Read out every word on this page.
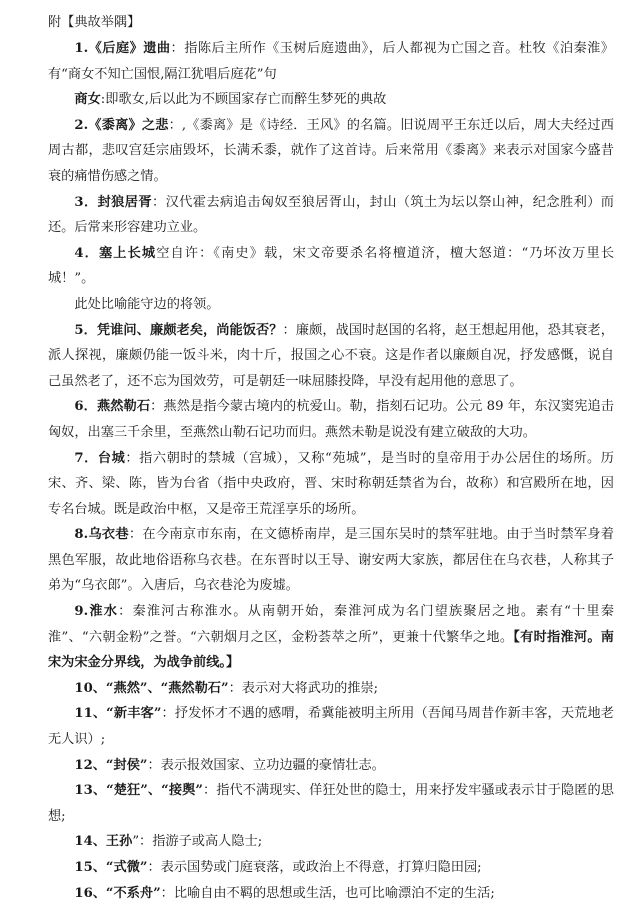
附【典故举隅】

1.《后庭》遗曲：指陈后主所作《玉树后庭遗曲》，后人都视为亡国之音。杜牧《泊秦淮》有“商女不知亡国恨,隔江犹唱后庭花”句

商女:即歌女,后以此为不顾国家存亡而醉生梦死的典故

2.《黍离》之悲：,《黍离》是《诗经．王风》的名篇。旧说周平王东迁以后，周大夫经过西周古都，悲叹宫廷宗庙毁坏，长满禾黍，就作了这首诗。后来常用《黍离》来表示对国家今盛昔衰的痛惜伤感之情。

3．封狼居胥：汉代霍去病追击匈奴至狼居胥山，封山（筑土为坛以祭山神，纪念胜利）而还。后常来形容建功立业。

4．塞上长城空自许：《南史》载，宋文帝要杀名将檀道济，檀大怒道：“乃坏汝万里长城！”。

此处比喻能守边的将领。

5．凭谁问、廉颇老矣，尚能饭否？：廉颇，战国时赵国的名将，赵王想起用他，恐其衰老，派人探视，廉颇仍能一饭斗米，肉十斤，报国之心不衰。这是作者以廉颇自况，抒发感慨，说自己虽然老了，还不忘为国效劳，可是朝廷一味屈膝投降，早没有起用他的意思了。

6．燕然勒石：燕然是指今蒙古境内的杭爱山。勒，指刻石记功。公元 89 年，东汉窦宪追击匈奴，出塞三千余里，至燕然山勒石记功而归。燕然未勒是说没有建立破敌的大功。

7．台城：指六朝时的禁城（宫城），又称“苑城”，是当时的皇帝用于办公居住的场所。历宋、齐、梁、陈，皆为台省（指中央政府，晋、宋时称朝廷禁省为台，故称）和宫殿所在地，因专名台城。既是政治中枢，又是帝王荒淫享乐的场所。

8.乌衣巷：在今南京市东南，在文德桥南岸，是三国东吴时的禁军驻地。由于当时禁军身着黑色军服，故此地俗语称乌衣巷。在东晋时以王导、谢安两大家族，都居住在乌衣巷，人称其子弟为“乌衣郎”。入唐后，乌衣巷沦为废墟。

9.淮水：秦淮河古称淮水。从南朝开始，秦淮河成为名门望族聚居之地。素有“十里秦淮”、“六朝金粉”之誉。“六朝烟月之区，金粉荟萃之所”，更兼十代繁华之地。【有时指淮河。南宋为宋金分界线，为战争前线。】

10、“燕然”、“燕然勒石”：表示对大将武功的推崇;

11、“新丰客”：抒发怀才不遇的感喟，希冀能被明主所用（吾闻马周昔作新丰客，天荒地老无人识）;

12、“封侯”：表示报效国家、立功边疆的豪情壮志。

13、“楚狂”、“接舆”：指代不满现实、佯狂处世的隐士，用来抒发牢骚或表示甘于隐匿的思想;

14、王孙”：指游子或高人隐士;

15、“式微”：表示国势或门庭衰落，或政治上不得意，打算归隐田园;

16、“不系舟”：比喻自由不羁的思想或生活，也可比喻漂泊不定的生活;
